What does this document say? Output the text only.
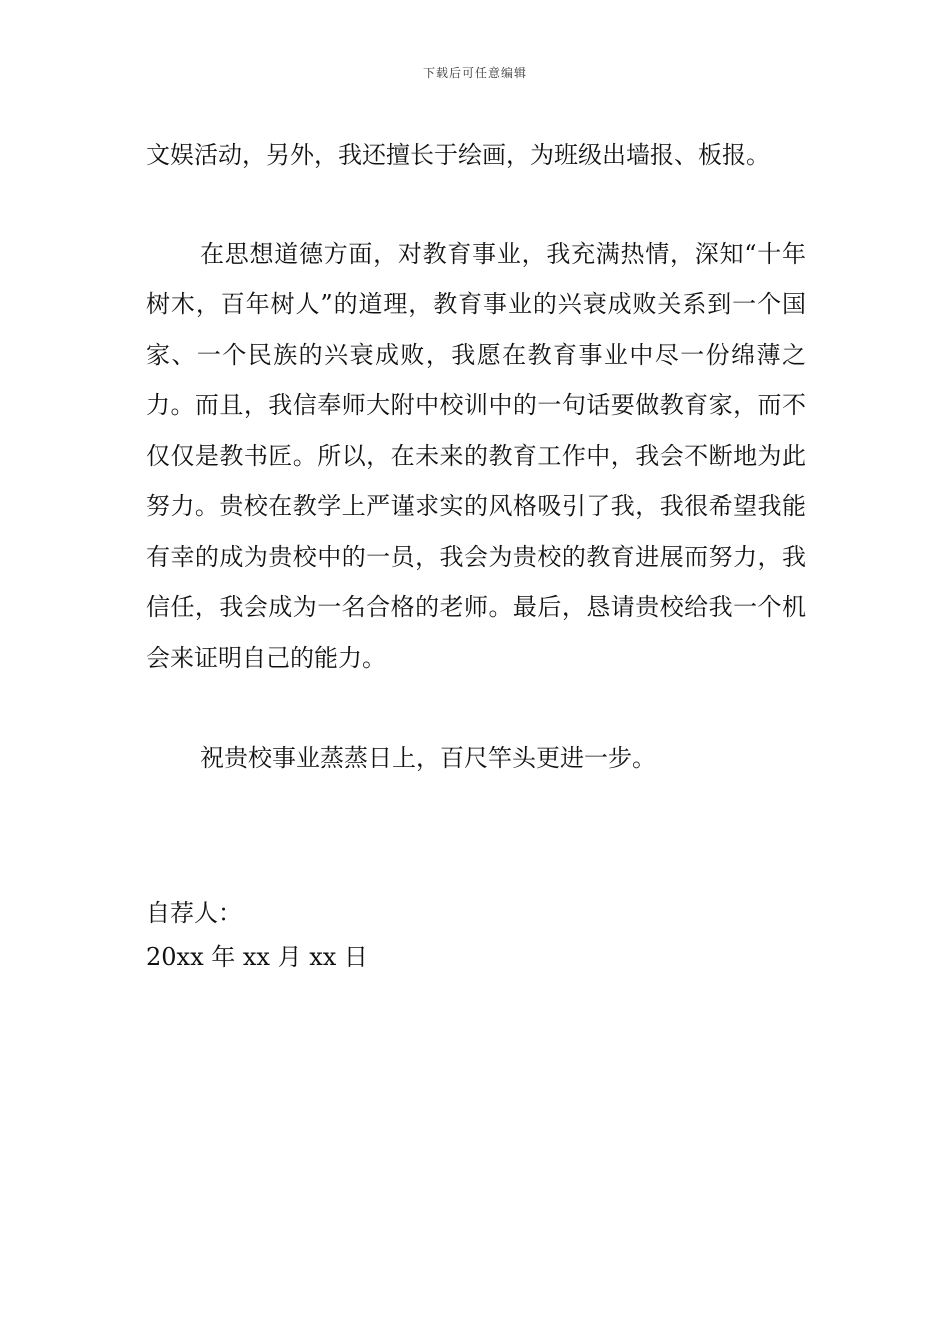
下载后可任意编辑

文娱活动，另外，我还擅长于绘画，为班级出墙报、板报。

在思想道德方面，对教育事业，我充满热情，深知“十年树木，百年树人”的道理，教育事业的兴衰成败关系到一个国家、一个民族的兴衰成败，我愿在教育事业中尽一份绵薄之力。而且，我信奉师大附中校训中的一句话要做教育家，而不仅仅是教书匠。所以，在未来的教育工作中，我会不断地为此努力。贵校在教学上严谨求实的风格吸引了我，我很希望我能有幸的成为贵校中的一员，我会为贵校的教育进展而努力，我信任，我会成为一名合格的老师。最后，恳请贵校给我一个机会来证明自己的能力。

祝贵校事业蒸蒸日上，百尺竿头更进一步。

自荐人：
20xx 年 xx 月 xx 日
